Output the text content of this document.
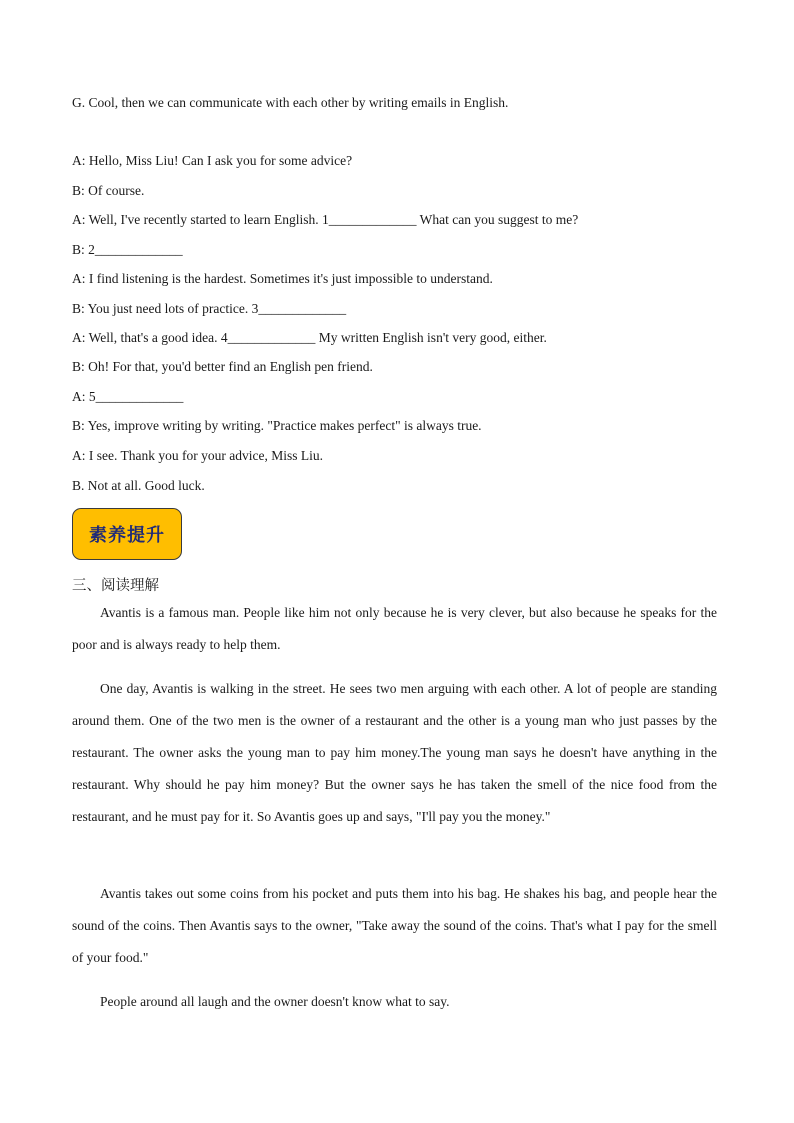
G. Cool, then we can communicate with each other by writing emails in English.

A: Hello, Miss Liu! Can I ask you for some advice?

B: Of course.

A: Well, I've recently started to learn English. 1_____________ What can you suggest to me?

B: 2_____________

A: I find listening is the hardest. Sometimes it's just impossible to understand.

B: You just need lots of practice. 3_____________

A: Well, that's a good idea. 4_____________ My written English isn't very good, either.

B: Oh! For that, you'd better find an English pen friend.

A: 5_____________

B: Yes, improve writing by writing. "Practice makes perfect" is always true.

A: I see. Thank you for your advice, Miss Liu.

B. Not at all. Good luck.

素养提升

三、阅读理解

Avantis is a famous man. People like him not only because he is very clever, but also because he speaks for the poor and is always ready to help them.

One day, Avantis is walking in the street. He sees two men arguing with each other. A lot of people are standing around them. One of the two men is the owner of a restaurant and the other is a young man who just passes by the restaurant. The owner asks the young man to pay him money.The young man says he doesn't have anything in the restaurant. Why should he pay him money? But the owner says he has taken the smell of the nice food from the restaurant, and he must pay for it. So Avantis goes up and says, "I'll pay you the money."

Avantis takes out some coins from his pocket and puts them into his bag. He shakes his bag, and people hear the sound of the coins. Then Avantis says to the owner, "Take away the sound of the coins. That's what I pay for the smell of your food."

People around all laugh and the owner doesn't know what to say.
